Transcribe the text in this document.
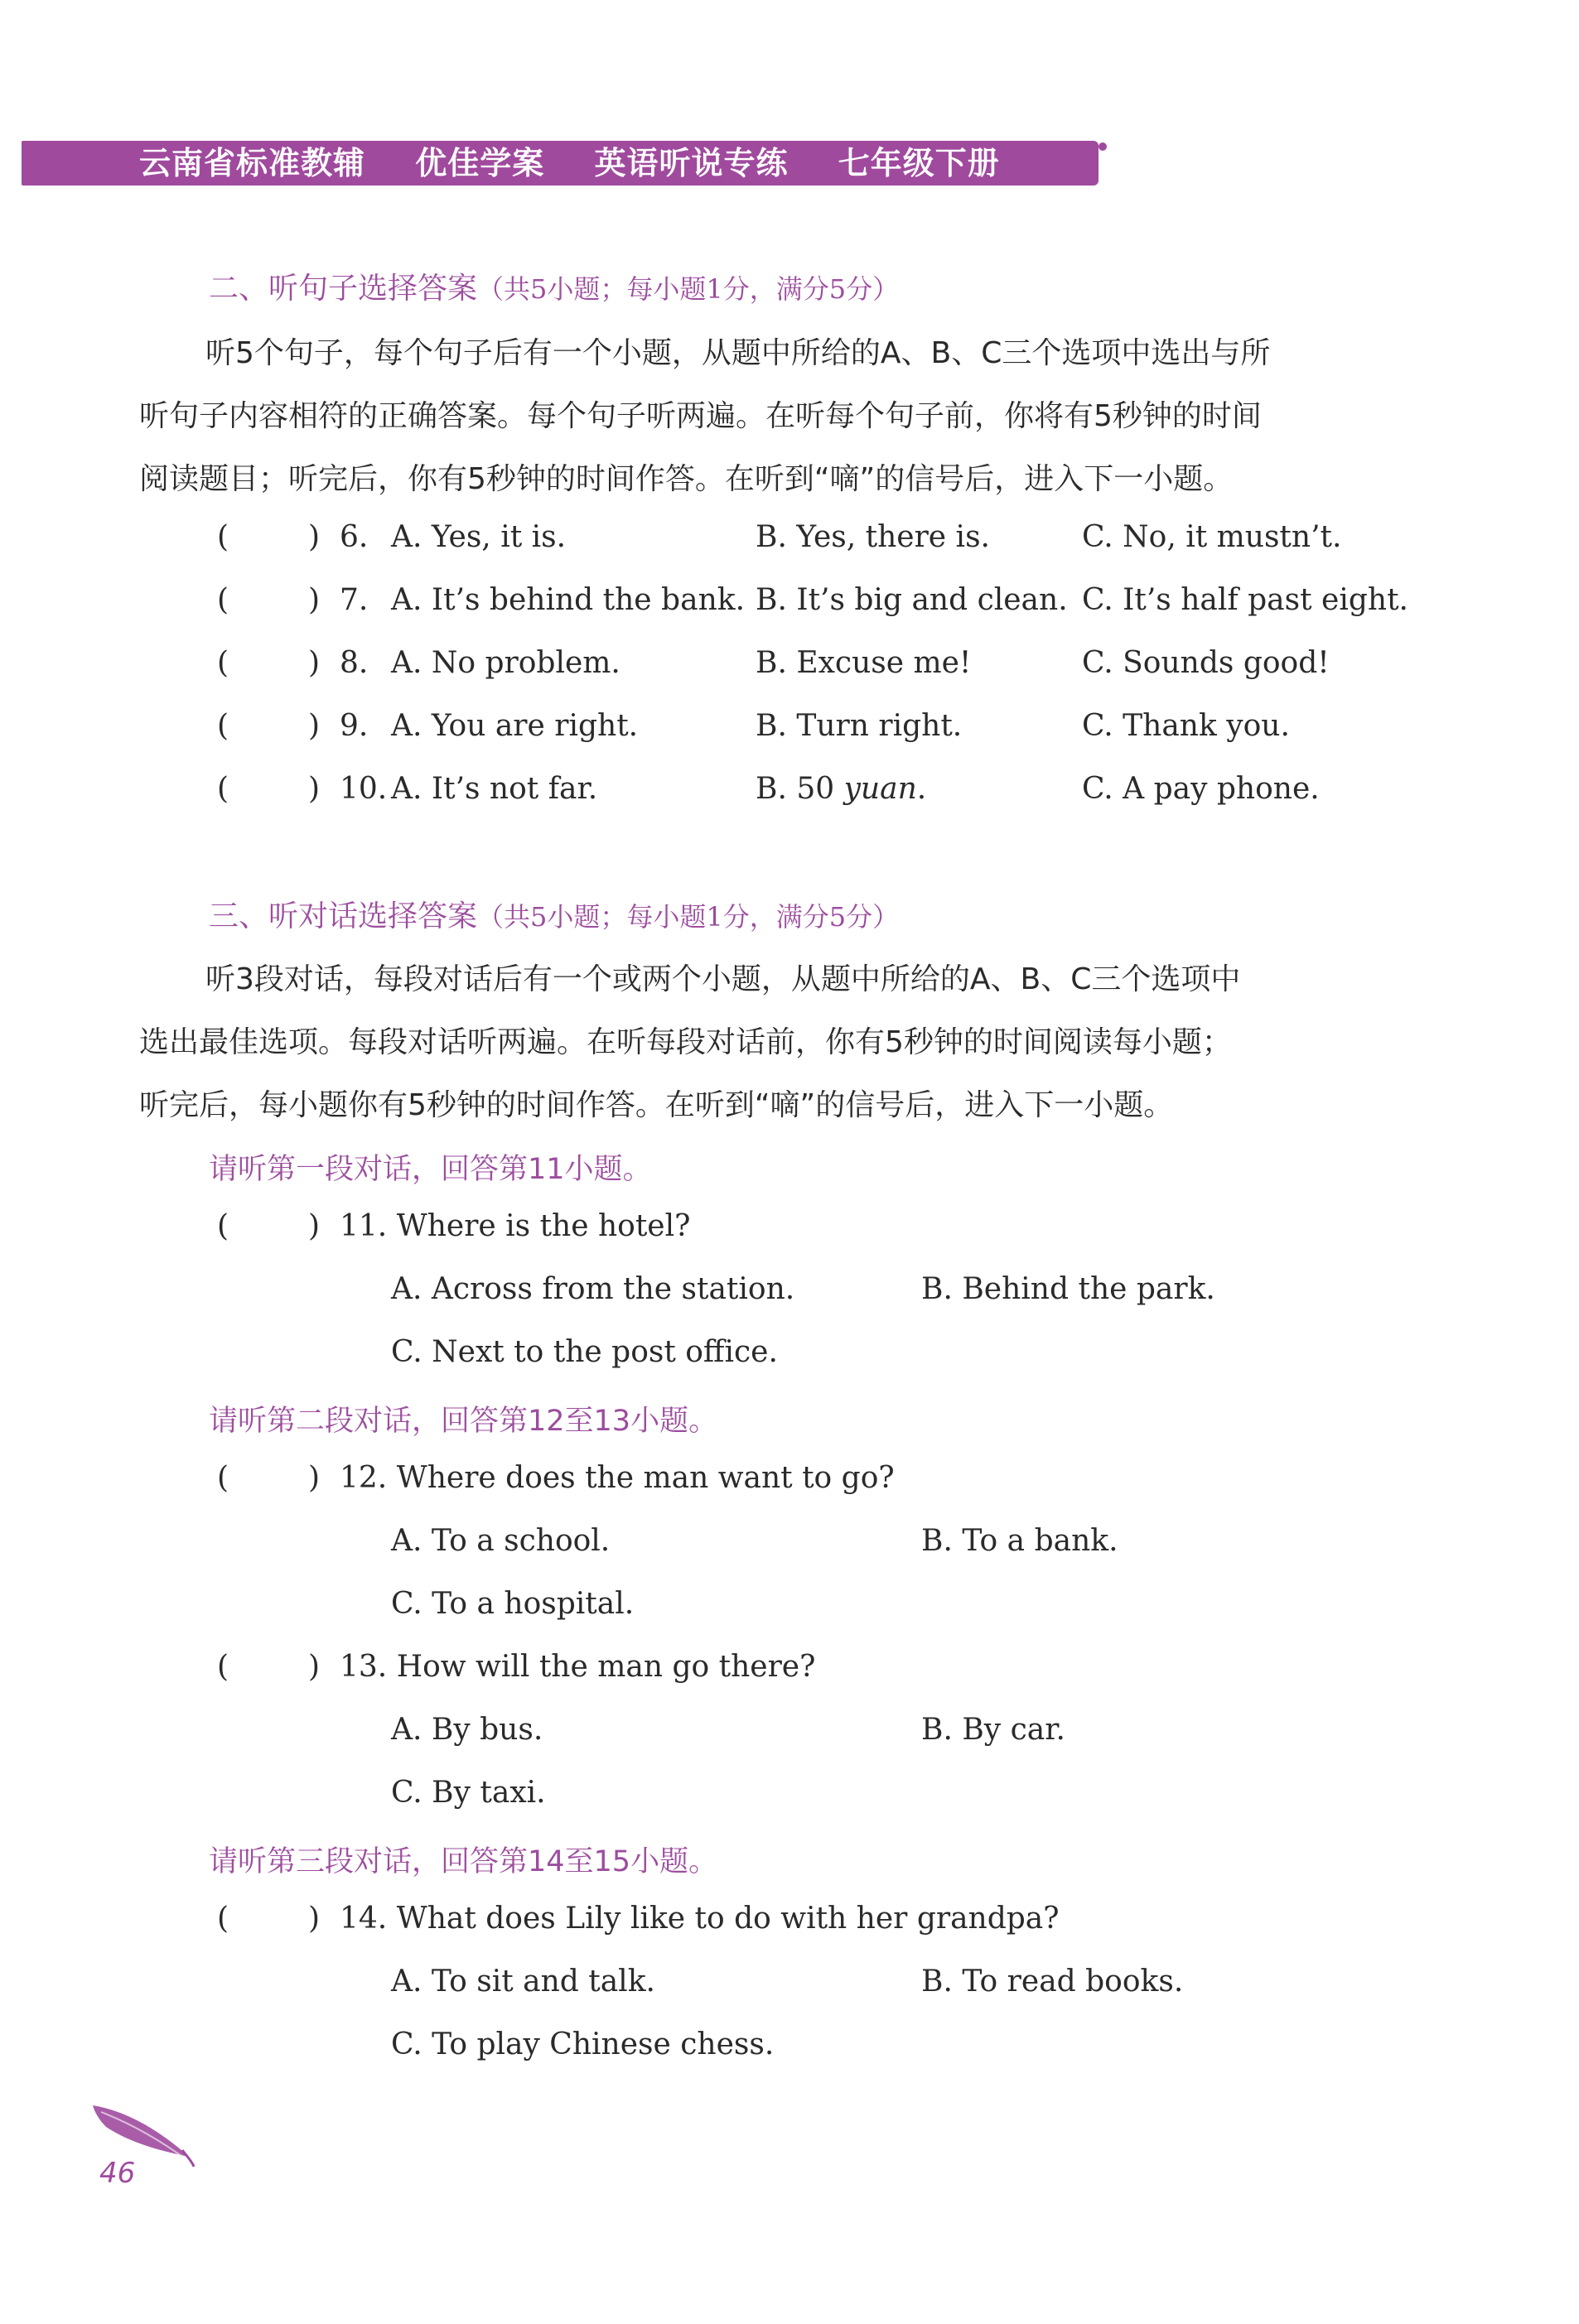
云南省标准教辅 优佳学案 英语听说专练 七年级下册
二、听句子选择答案（共5小题；每小题1分，满分5分）
听5个句子，每个句子后有一个小题，从题中所给的A、B、C三个选项中选出与所
听句子内容相符的正确答案。每个句子听两遍。在听每个句子前，你将有5秒钟的时间
阅读题目；听完后，你有5秒钟的时间作答。在听到“嘀”的信号后，进入下一小题。
(	) 6. A. Yes, it is.	B. Yes, there is.	C. No, it mustn’t.
(	) 7. A. It’s behind the bank. B. It’s big and clean. C. It’s half past eight.
(	) 8. A. No problem.	B. Excuse me!	C. Sounds good!
(	) 9. A. You are right.	B. Turn right.	C. Thank you.
(	) 10. A. It’s not far.	B. 50 yuan.	C. A pay phone.
三、听对话选择答案（共5小题；每小题1分，满分5分）
听3段对话，每段对话后有一个或两个小题，从题中所给的A、B、C三个选项中
选出最佳选项。每段对话听两遍。在听每段对话前，你有5秒钟的时间阅读每小题；
听完后，每小题你有5秒钟的时间作答。在听到“嘀”的信号后，进入下一小题。
请听第一段对话，回答第11小题。
(	) 11. Where is the hotel?
A. Across from the station.	B. Behind the park.
C. Next to the post office.
请听第二段对话，回答第12至13小题。
(	) 12. Where does the man want to go?
A. To a school.	B. To a bank.
C. To a hospital.
(	) 13. How will the man go there?
A. By bus.	B. By car.
C. By taxi.
请听第三段对话，回答第14至15小题。
(	) 14. What does Lily like to do with her grandpa?
A. To sit and talk.	B. To read books.
C. To play Chinese chess.
46
